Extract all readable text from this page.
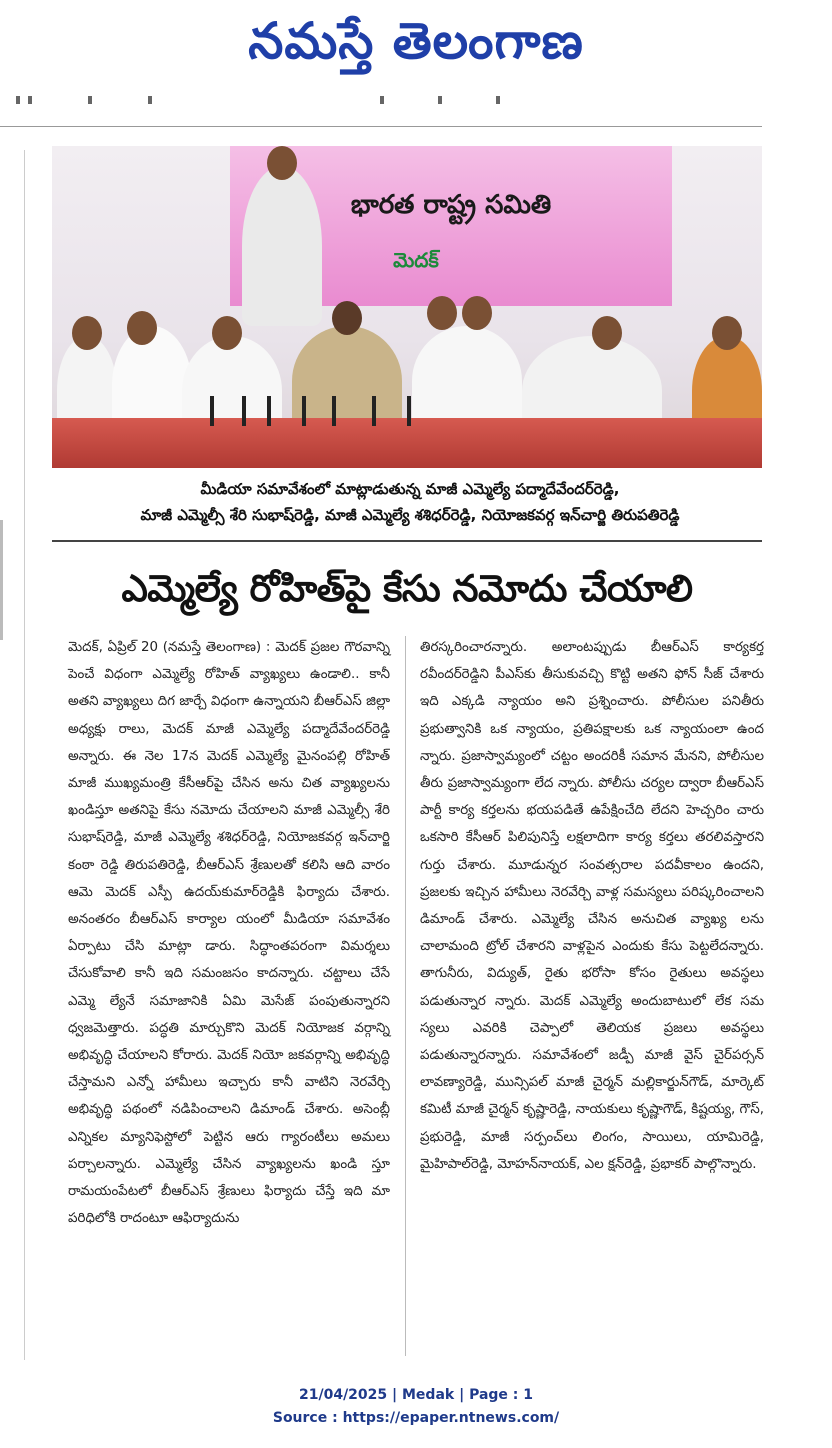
నమస్తే తెలంగాణ
భారత రాష్ట్ర సమితి
మెదక్
మీడియా సమావేశంలో మాట్లాడుతున్న మాజీ ఎమ్మెల్యే పద్మాదేవేందర్‌రెడ్డి,
మాజీ ఎమ్మెల్సీ శేరి సుభాష్‌రెడ్డి, మాజీ ఎమ్మెల్యే శశిధర్‌రెడ్డి, నియోజకవర్గ ఇన్‌చార్జి తిరుపతిరెడ్డి
ఎమ్మెల్యే రోహిత్‌పై కేసు నమోదు చేయాలి

మెదక్, ఏప్రిల్ 20 (నమస్తే తెలంగాణ) : మెదక్ ప్రజల గౌరవాన్ని పెంచే విధంగా ఎమ్మెల్యే రోహిత్ వ్యాఖ్యలు ఉండాలి.. కానీ అతని వ్యాఖ్యలు దిగ జార్చే విధంగా ఉన్నాయని బీఆర్‌ఎస్ జిల్లా అధ్యక్షు రాలు, మెదక్ మాజీ ఎమ్మెల్యే పద్మాదేవేందర్‌రెడ్డి అన్నారు. ఈ నెల 17న మెదక్ ఎమ్మెల్యే మైనంపల్లి రోహిత్ మాజీ ముఖ్యమంత్రి కేసీఆర్‌పై చేసిన అను చిత వ్యాఖ్యలను ఖండిస్తూ అతనిపై కేసు నమోదు చేయాలని మాజీ ఎమ్మెల్సీ శేరి సుభాష్‌రెడ్డి, మాజీ ఎమ్మెల్యే శశిధర్‌రెడ్డి, నియోజకవర్గ ఇన్‌చార్జి కంఠా రెడ్డి తిరుపతిరెడ్డి, బీఆర్‌ఎస్ శ్రేణులతో కలిసి ఆది వారం ఆమె మెదక్ ఎస్పీ ఉదయ్‌కుమార్‌రెడ్డికి ఫిర్యాదు చేశారు. అనంతరం బీఆర్‌ఎస్ కార్యాల యంలో మీడియా సమావేశం ఏర్పాటు చేసి మాట్లా డారు. సిద్ధాంతపరంగా విమర్శలు చేసుకోవాలి కానీ ఇది సమంజసం కాదన్నారు. చట్టాలు చేసే ఎమ్మె ల్యేనే సమాజానికి ఏమి మెసేజ్ పంపుతున్నారని ధ్వజమెత్తారు. పద్ధతి మార్చుకొని మెదక్ నియోజక వర్గాన్ని అభివృద్ధి చేయాలని కోరారు. మెదక్ నియో జకవర్గాన్ని అభివృద్ధి చేస్తామని ఎన్నో హామీలు ఇచ్చారు కానీ వాటిని నెరవేర్చి అభివృద్ధి పథంలో నడిపించాలని డిమాండ్ చేశారు. అసెంబ్లీ ఎన్నికల మ్యానిఫెస్టోలో పెట్టిన ఆరు గ్యారంటీలు అమలు పర్చాలన్నారు. ఎమ్మెల్యే చేసిన వ్యాఖ్యలను ఖండి స్తూ రామయంపేటలో బీఆర్‌ఎస్ శ్రేణులు ఫిర్యాదు చేస్తే ఇది మా పరిధిలోకి రాదంటూ ఆఫిర్యాదును

తిరస్కరించారన్నారు. అలాంటప్పుడు బీఆర్‌ఎస్ కార్యకర్త రవీందర్‌రెడ్డిని పీఎస్‌కు తీసుకువచ్చి కొట్టి అతని ఫోన్ సీజ్ చేశారు ఇది ఎక్కడి న్యాయం అని ప్రశ్నించారు. పోలీసుల పనితీరు ప్రభుత్వానికి ఒక న్యాయం, ప్రతిపక్షాలకు ఒక న్యాయంలా ఉంద న్నారు. ప్రజాస్వామ్యంలో చట్టం అందరికీ సమాన మేనని, పోలీసుల తీరు ప్రజాస్వామ్యంగా లేద న్నారు. పోలీసు చర్యల ద్వారా బీఆర్‌ఎస్ పార్టీ కార్య కర్తలను భయపడితే ఉపేక్షించేది లేదని హెచ్చరిం చారు ఒకసారి కేసీఆర్ పిలిపునిస్తే లక్షలాదిగా కార్య కర్తలు తరలివస్తారని గుర్తు చేశారు. మూడున్నర సంవత్సరాల పదవీకాలం ఉందని, ప్రజలకు ఇచ్చిన హామీలు నెరవేర్చి వాళ్ల సమస్యలు పరిష్కరించాలని డిమాండ్ చేశారు. ఎమ్మెల్యే చేసిన అనుచిత వ్యాఖ్య లను చాలామంది ట్రోల్ చేశారని వాళ్లపైన ఎందుకు కేసు పెట్టలేదన్నారు. తాగునీరు, విద్యుత్, రైతు భరోసా కోసం రైతులు అవస్థలు పడుతున్నార న్నారు. మెదక్ ఎమ్మెల్యే అందుబాటులో లేక సమ స్యలు ఎవరికి చెప్పాలో తెలియక ప్రజలు అవస్థలు పడుతున్నారన్నారు. సమావేశంలో జడ్పీ మాజీ వైస్ చైర్‌పర్సన్ లావణ్యారెడ్డి, మున్సిపల్ మాజీ చైర్మన్ మల్లికార్జున్‌గౌడ్, మార్కెట్ కమిటీ మాజీ చైర్మన్ కృష్ణారెడ్డి, నాయకులు కృష్ణాగౌడ్, కిష్టయ్య, గౌస్, ప్రభురెడ్డి, మాజీ సర్పంచ్‌లు లింగం, సాయిలు, యామిరెడ్డి, మైహిపాల్‌రెడ్డి, మోహన్‌నాయక్, ఎల క్షన్‌రెడ్డి, ప్రభాకర్ పాల్గొన్నారు.

21/04/2025 | Medak | Page : 1
Source : https://epaper.ntnews.com/
